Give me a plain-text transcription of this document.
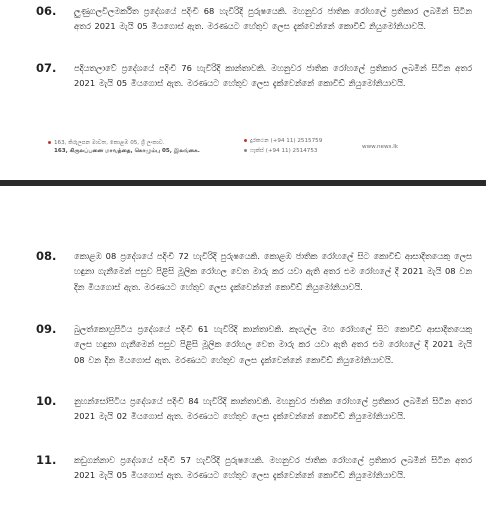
06. ලුණුගලවිලමර්කිත ප්‍රදේශයේ පදිංචි 68 හැවිරිදි පුරුෂයෙකි. මහනුවර ජාතික රෝහලේ ප්‍රතිකාර ලබමින් සිටින අතර 2021 මැයි 05 මියගොස් ඇත. මරණයට හේතුව ලෙස දැක්වෙන්නේ කොවිඩ් නියුමෝනියාවයි.
07. පදියතලාවේ ප්‍රදේශයේ පදිංචි 76 හැවිරිදි කාන්තාවකි. මහනුවර ජාතික රෝහලේ ප්‍රතිකාර ලබමින් සිටින අතර 2021 මැයි 05 මියගොස් ඇත. මරණයට හේතුව ලෙස දැක්වෙන්නේ කොවිඩ් නියුමෝනියාවයි.
163, කිරුලපන මාවත, කොළඹ 05, ශ්‍රී ලංකාව.
163, கிருலப்பனை மாவத்தை, கொழும்பு 05, இலங்கை.
දුරකථන (+94 11) 2515759
ෆැක්ස් (+94 11) 2514753
www.news.lk
08. කොළඹ 08 ප්‍රදේශයේ පදිංචි 72 හැවිරිදි පුරුෂයෙකි. කොළඹ ජාතික රෝහලේ සිට කොවිඩ් ආසාදිතයෙකු ලෙස හඳුනා ගැනීමෙන් පසුව පිළිසි මූලික රෝහල වෙත මාරු කර යවා ඇති අතර එම රෝහලේ දී 2021 මැයි 08 වන දින මියගොස් ඇත. මරණයට හේතුව ලෙස දැක්වෙන්නේ කොවිඩ් නියුමෝනියාවයි.
09. බුලත්කොහුපිටිය ප්‍රදේශයේ පදිංචි 61 හැවිරිදි කාන්තාවකි. කෑගල්ල මහ රෝහලේ සිට කොවිඩ් ආසාදිතයෙකු ලෙස හඳුනා ගැනීමෙන් පසුව පිළිසි මූලික රෝහල වෙත මාරු කර යවා ඇති අතර එම රෝහලේ දී 2021 මැයි 08 වන දින මියගොස් ඇත. මරණයට හේතුව ලෙස දැක්වෙන්නේ කොවිඩ් නියුමෝනියාවයි.
10. නුහන්සෝපිටිය ප්‍රදේශයේ පදිංචි 84 හැවිරිදි කාන්තාවකි. මහනුවර ජාතික රෝහලේ ප්‍රතිකාර ලබමින් සිටින අතර 2021 මැයි 02 මියගොස් ඇත. මරණයට හේතුව ලෙස දැක්වෙන්නේ කොවිඩ් නියුමෝනියාවයි.
11. කඩුගන්නාව ප්‍රදේශයේ පදිංචි 57 හැවිරිදි පුරුෂයෙකි. මහනුවර ජාතික රෝහලේ ප්‍රතිකාර ලබමින් සිටින අතර 2021 මැයි 05 මියගොස් ඇත. මරණයට හේතුව ලෙස දැක්වෙන්නේ කොවිඩ් නියුමෝනියාවයි.
